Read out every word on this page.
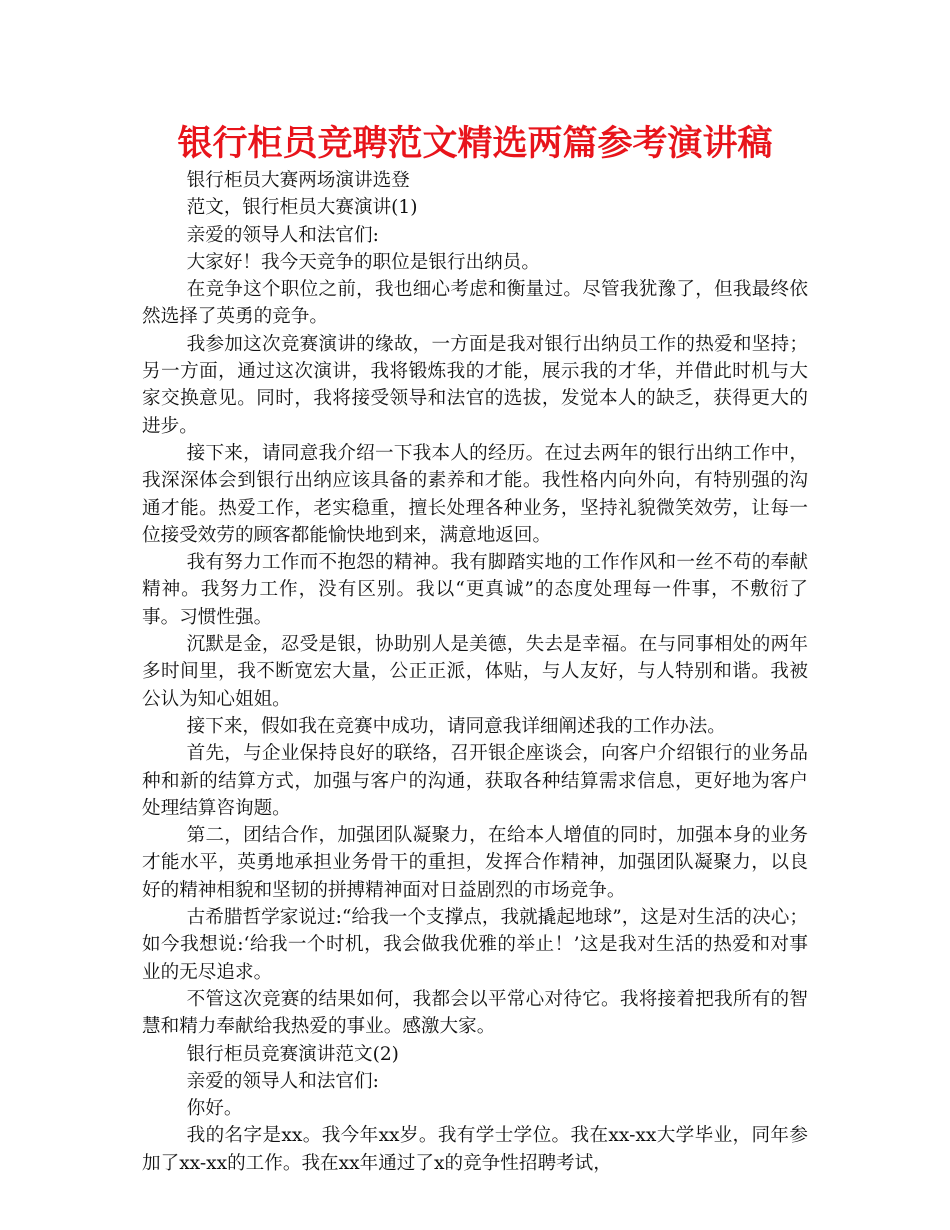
银行柜员竞聘范文精选两篇参考演讲稿

银行柜员大赛两场演讲选登

范文，银行柜员大赛演讲(1)

亲爱的领导人和法官们:

大家好！我今天竞争的职位是银行出纳员。

在竞争这个职位之前，我也细心考虑和衡量过。尽管我犹豫了，但我最终依然选择了英勇的竞争。

我参加这次竞赛演讲的缘故，一方面是我对银行出纳员工作的热爱和坚持；另一方面，通过这次演讲，我将锻炼我的才能，展示我的才华，并借此时机与大家交换意见。同时，我将接受领导和法官的选拔，发觉本人的缺乏，获得更大的进步。

接下来，请同意我介绍一下我本人的经历。在过去两年的银行出纳工作中，我深深体会到银行出纳应该具备的素养和才能。我性格内向外向，有特别强的沟通才能。热爱工作，老实稳重，擅长处理各种业务，坚持礼貌微笑效劳，让每一位接受效劳的顾客都能愉快地到来，满意地返回。

我有努力工作而不抱怨的精神。我有脚踏实地的工作作风和一丝不苟的奉献精神。我努力工作，没有区别。我以“更真诚”的态度处理每一件事，不敷衍了事。习惯性强。

沉默是金，忍受是银，协助别人是美德，失去是幸福。在与同事相处的两年多时间里，我不断宽宏大量，公正正派，体贴，与人友好，与人特别和谐。我被公认为知心姐姐。

接下来，假如我在竞赛中成功，请同意我详细阐述我的工作办法。

首先，与企业保持良好的联络，召开银企座谈会，向客户介绍银行的业务品种和新的结算方式，加强与客户的沟通，获取各种结算需求信息，更好地为客户处理结算咨询题。

第二，团结合作，加强团队凝聚力，在给本人增值的同时，加强本身的业务才能水平，英勇地承担业务骨干的重担，发挥合作精神，加强团队凝聚力，以良好的精神相貌和坚韧的拼搏精神面对日益剧烈的市场竞争。

古希腊哲学家说过:“给我一个支撑点，我就撬起地球”，这是对生活的决心；如今我想说:‘给我一个时机，我会做我优雅的举止！’这是我对生活的热爱和对事业的无尽追求。

不管这次竞赛的结果如何，我都会以平常心对待它。我将接着把我所有的智慧和精力奉献给我热爱的事业。感激大家。

银行柜员竞赛演讲范文(2)

亲爱的领导人和法官们:

你好。

我的名字是xx。我今年xx岁。我有学士学位。我在xx-xx大学毕业，同年参加了xx-xx的工作。我在xx年通过了x的竞争性招聘考试，
